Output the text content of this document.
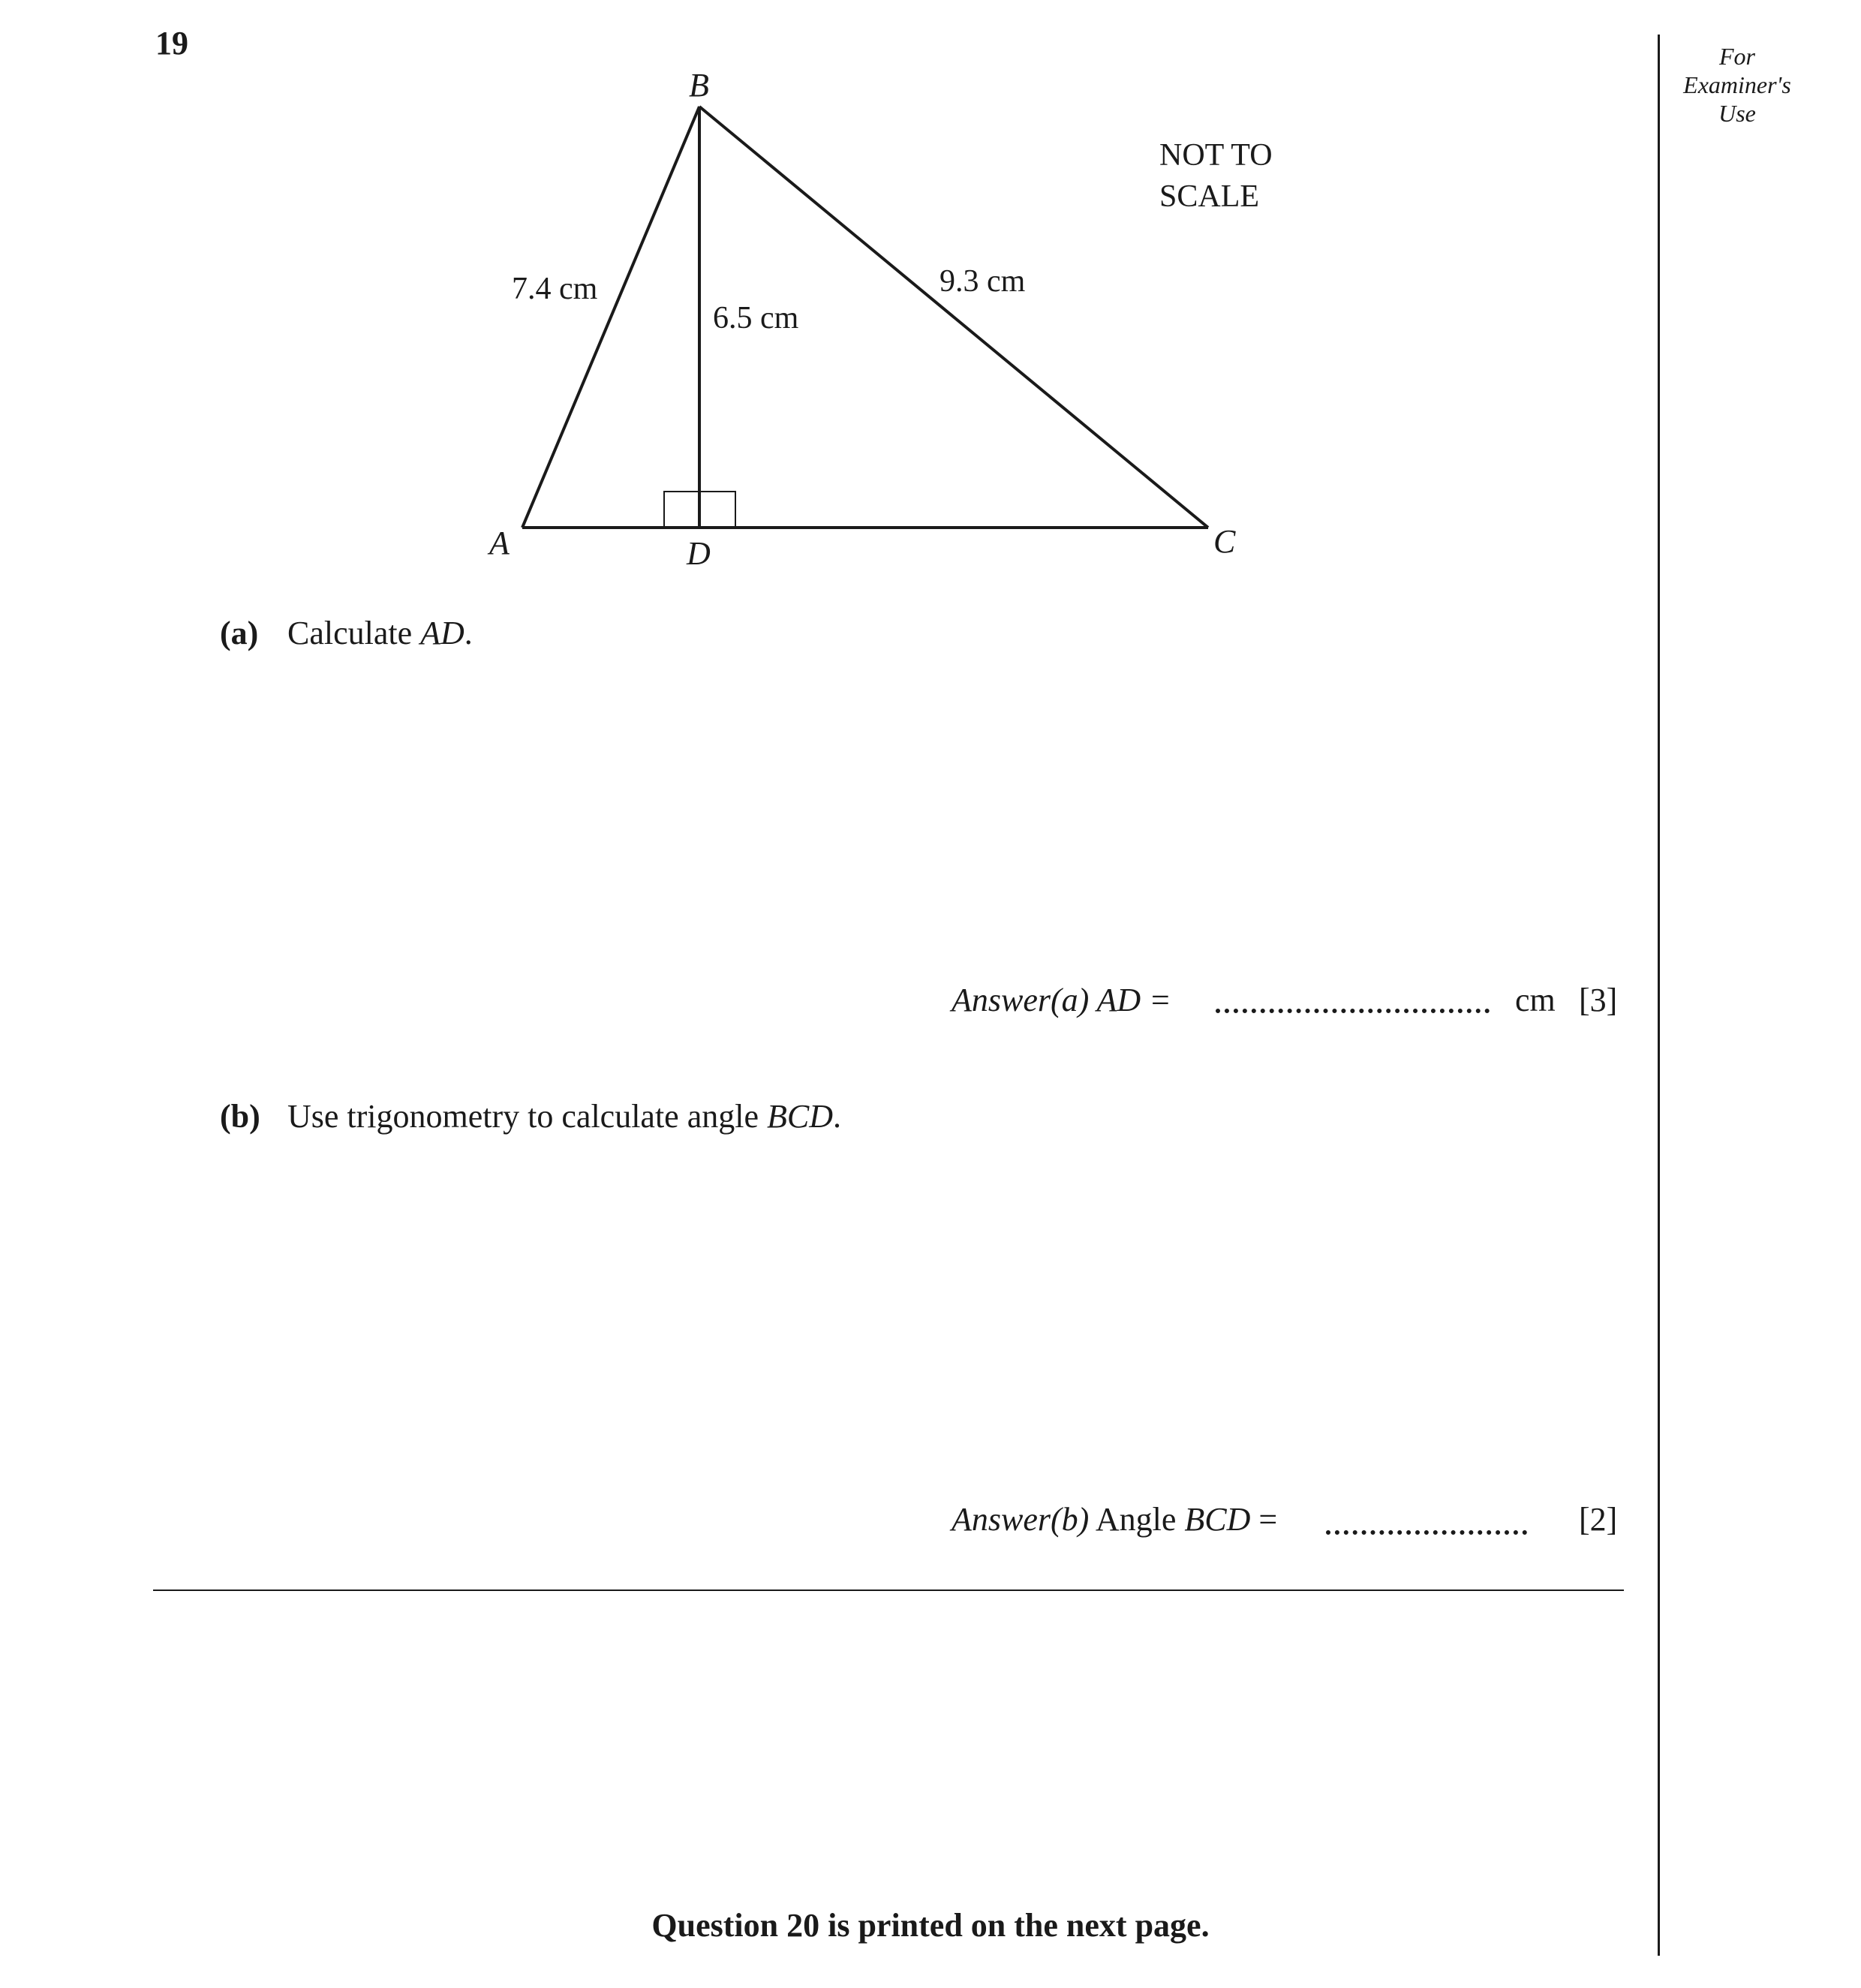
19	For
Examiner's
Use
B
A	D	C
7.4 cm
6.5 cm
9.3 cm
NOT TO
SCALE
(a) Calculate AD.
Answer(a) AD =	cm [3]
(b) Use trigonometry to calculate angle BCD.
Answer(b) Angle BCD =	[2]
Question 20 is printed on the next page.
